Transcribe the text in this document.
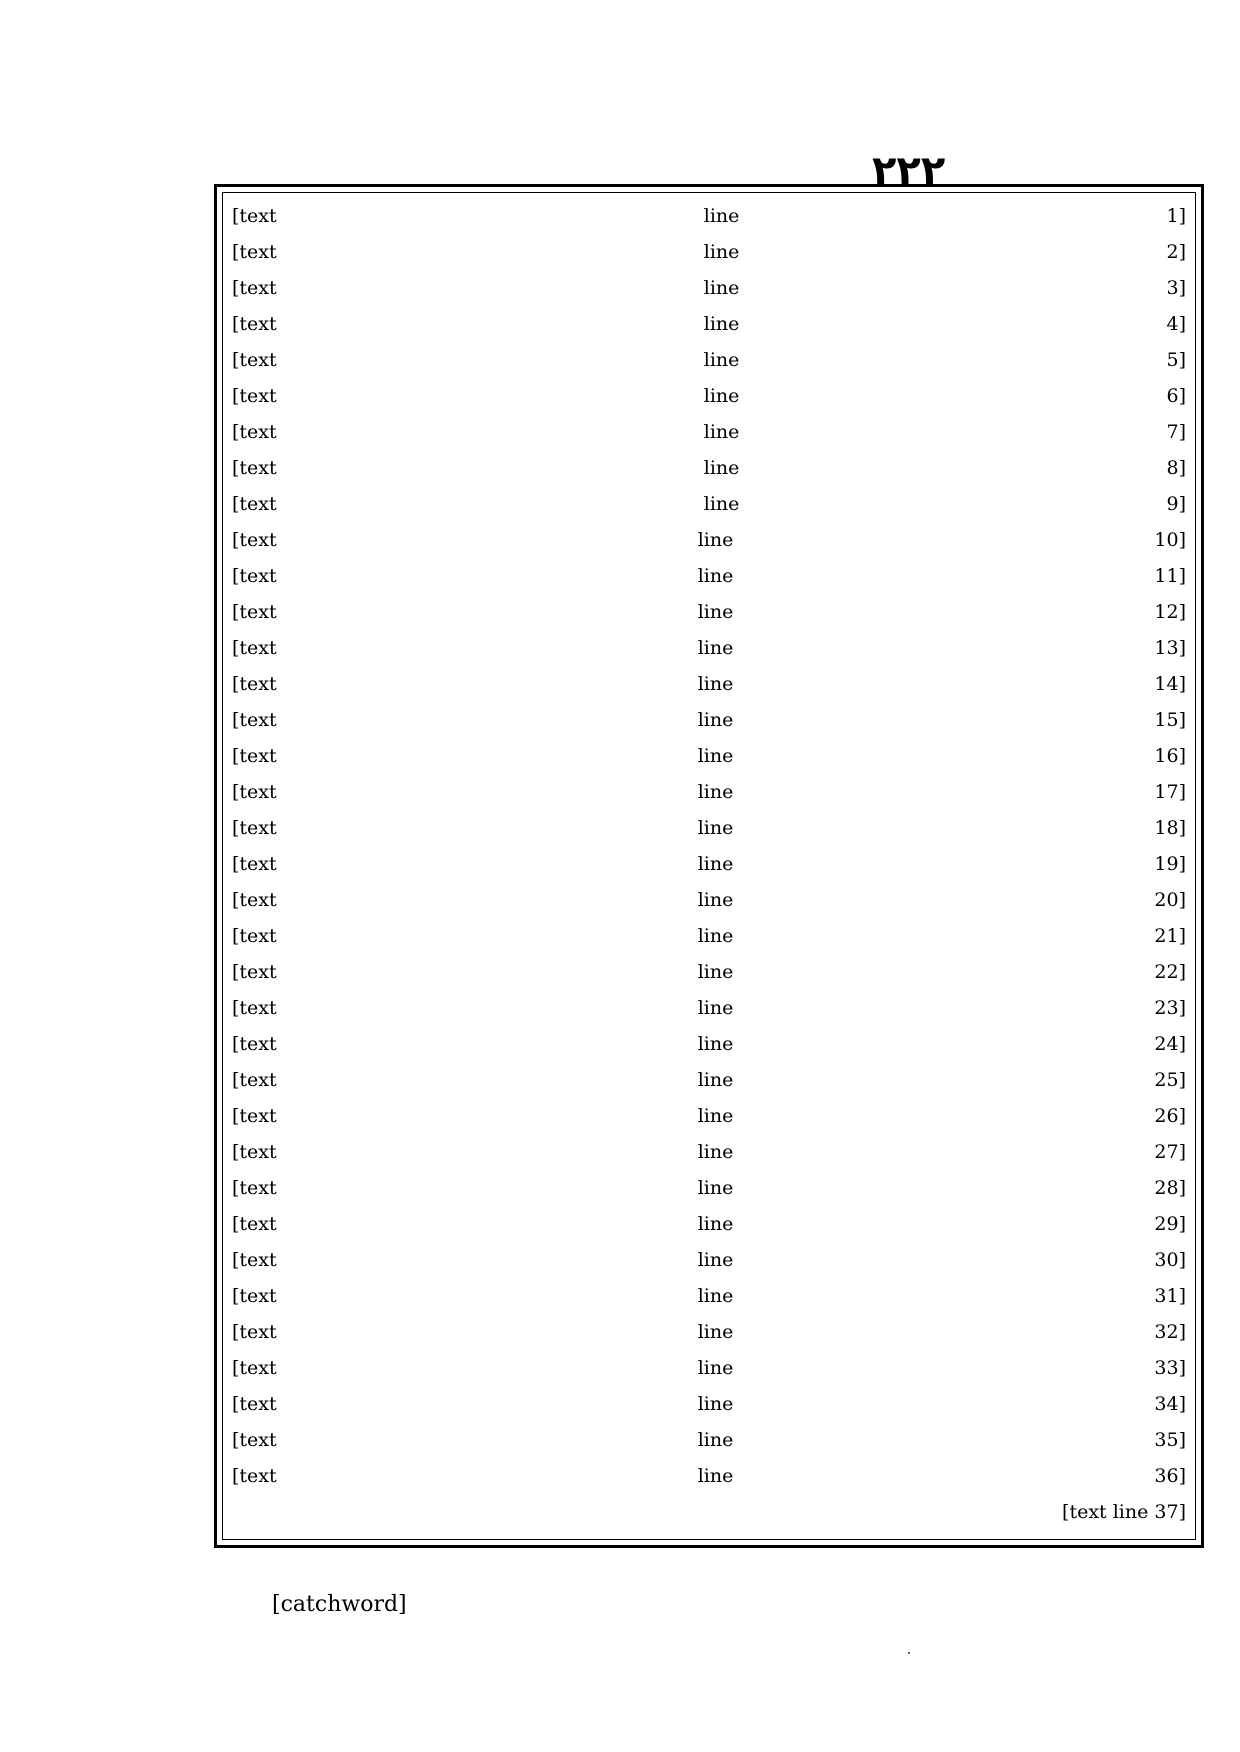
٢٢٢
[text line 1]
[text line 2]
[text line 3]
[text line 4]
[text line 5]
[text line 6]
[text line 7]
[text line 8]
[text line 9]
[text line 10]
[text line 11]
[text line 12]
[text line 13]
[text line 14]
[text line 15]
[text line 16]
[text line 17]
[text line 18]
[text line 19]
[text line 20]
[text line 21]
[text line 22]
[text line 23]
[text line 24]
[text line 25]
[text line 26]
[text line 27]
[text line 28]
[text line 29]
[text line 30]
[text line 31]
[text line 32]
[text line 33]
[text line 34]
[text line 35]
[text line 36]
[text line 37]
[catchword]
